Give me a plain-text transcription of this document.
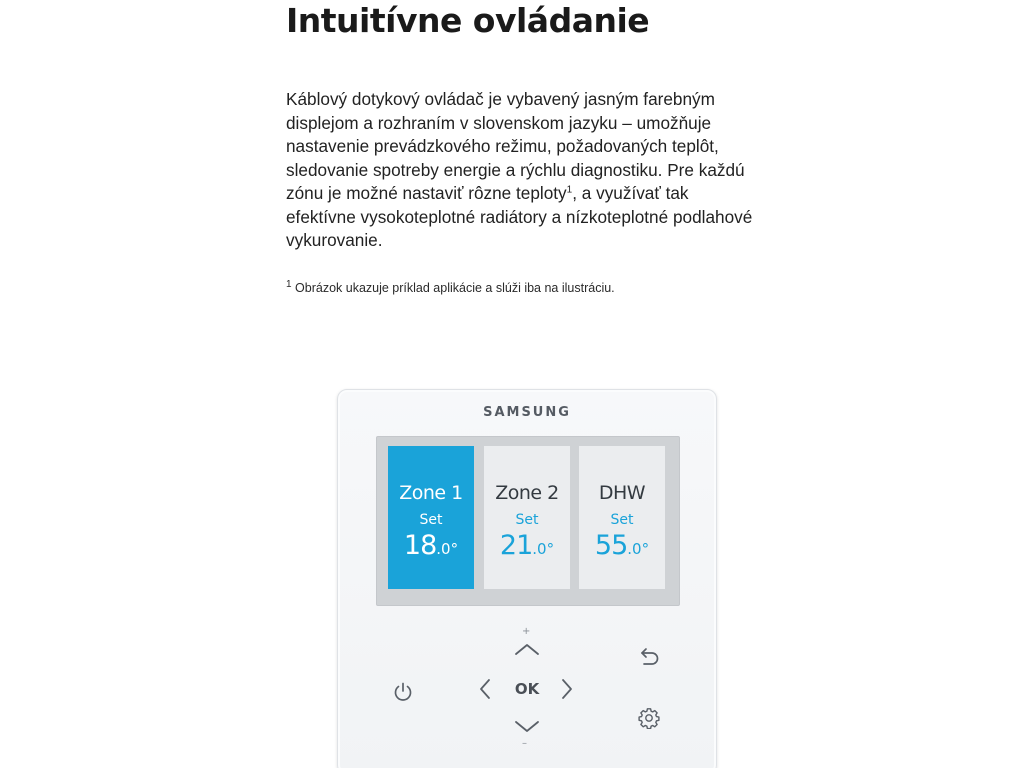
Intuitívne ovládanie

Káblový dotykový ovládač je vybavený jasným farebným displejom a rozhraním v slovenskom jazyku – umožňuje nastavenie prevádzkového režimu, požadovaných teplôt, sledovanie spotreby energie a rýchlu diagnostiku. Pre každú zónu je možné nastaviť rôzne teploty$^1$, a využívať tak efektívne vysokoteplotné radiátory a nízkoteplotné podlahové vykurovanie.

$^1$ Obrázok ukazuje príklad aplikácie a slúži iba na ilustráciu.

SAMSUNG
Zone 1
Set
18.0°
Zone 2
Set
21.0°
DHW
Set
55.0°
+
–
OK
